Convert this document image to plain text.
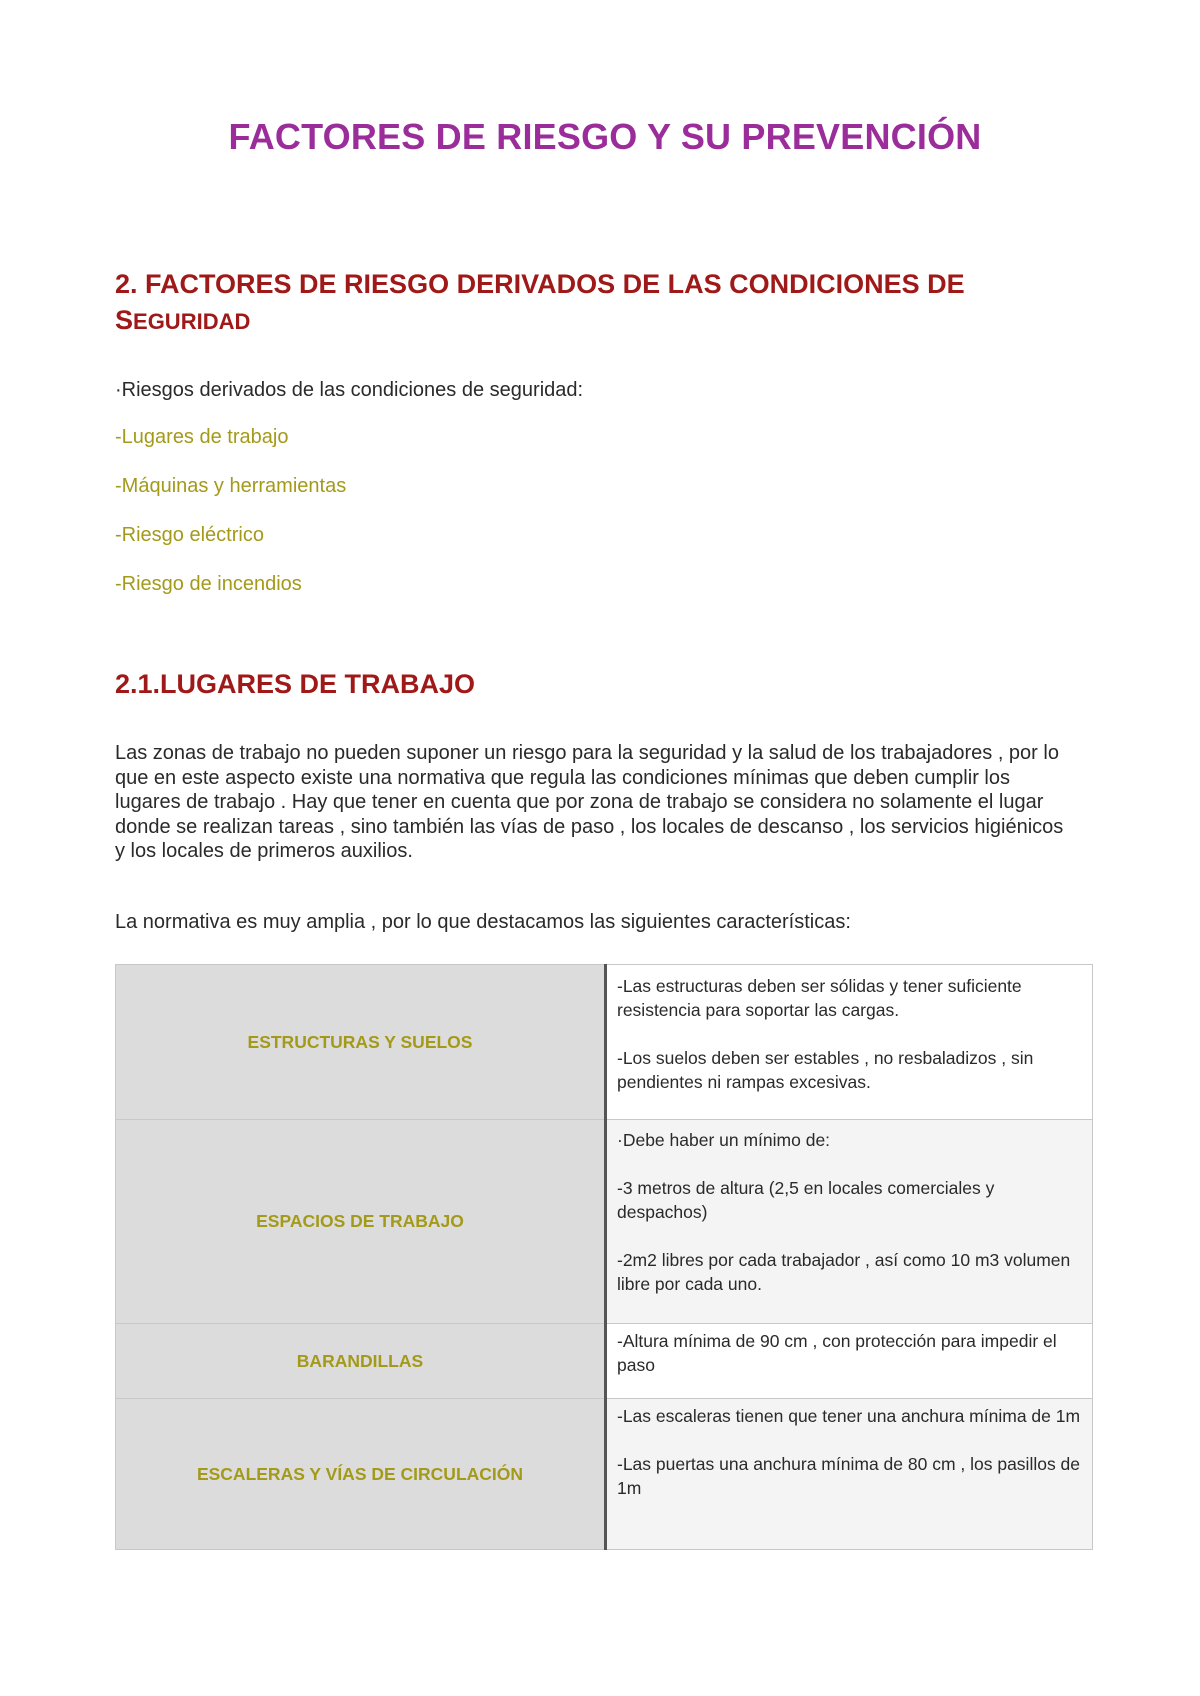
FACTORES DE RIESGO Y SU PREVENCIÓN
2. FACTORES DE RIESGO DERIVADOS DE LAS CONDICIONES DE
SEGURIDAD

·Riesgos derivados de las condiciones de seguridad:

-Lugares de trabajo

-Máquinas y herramientas

-Riesgo eléctrico

-Riesgo de incendios

2.1.LUGARES DE TRABAJO

Las zonas de trabajo no pueden suponer un riesgo para la seguridad y la salud de los trabajadores , por lo que en este aspecto existe una normativa que regula las condiciones mínimas que deben cumplir los lugares de trabajo . Hay que tener en cuenta que por zona de trabajo se considera no solamente el lugar donde se realizan tareas , sino también las vías de paso , los locales de descanso , los servicios higiénicos y los locales de primeros auxilios.

La normativa es muy amplia , por lo que destacamos las siguientes características:

ESTRUCTURAS Y SUELOS	-Las estructuras deben ser sólidas y tener suficiente resistencia para soportar las cargas.

-Los suelos deben ser estables , no resbaladizos , sin pendientes ni rampas excesivas.

ESPACIOS DE TRABAJO	·Debe haber un mínimo de:

-3 metros de altura (2,5 en locales comerciales y despachos)

-2m2 libres por cada trabajador , así como 10 m3 volumen libre por cada uno.

BARANDILLAS	-Altura mínima de 90 cm , con protección para impedir el paso

ESCALERAS Y VÍAS DE CIRCULACIÓN	-Las escaleras tienen que tener una anchura mínima de 1m

-Las puertas una anchura mínima de 80 cm , los pasillos de 1m
